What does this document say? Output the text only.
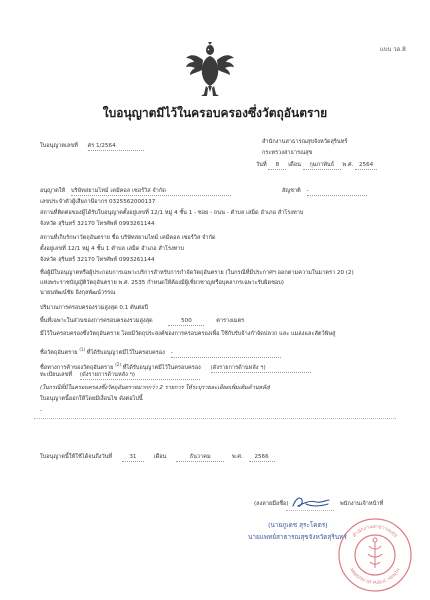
แบบ วอ.8
ใบอนุญาตมีไว้ในครอบครองซึ่งวัตถุอันตราย
ใบอนุญาตเลขที่ ศร 1/2564
สำนักงานสาธารณสุขจังหวัดสุรินทร์
กระทรวงสาธารณสุข
วันที่ 8 เดือน กุมภาพันธ์ พ.ศ. 2564
อนุญาตให้ บริษัทสยามไทม์ เคมีคอล เซอร์วิส จำกัด	สัญชาติ -
เลขประจำตัวผู้เสียภาษีอากร 0325562000137
สถานที่ติดต่อของผู้ได้รับใบอนุญาตตั้งอยู่เลขที่ 12/1 หมู่ 4 ชั้น 1 - ซอย - ถนน - ตำบล เสม็ด อำเภอ สำโรงทาบ
จังหวัด สุรินทร์ 32170 โทรศัพท์ 0993261144
สถานที่เก็บรักษาวัตถุอันตราย ชื่อ บริษัทสยามไทม์ เคมีคอล เซอร์วิส จำกัด
ตั้งอยู่เลขที่ 12/1 หมู่ 4 ชั้น 1 ตำบล เสม็ด อำเภอ สำโรงทาบ
จังหวัด สุรินทร์ 32170 โทรศัพท์ 0993261144
ชื่อผู้มีใบอนุญาตหรือผู้ประกอบการเฉพาะบริการสำหรับการกำจัดวัตถุอันตราย (ในกรณีที่มีประกาศฯ ออกตามความในมาตรา 20 (2)
แห่งพระราชบัญญัติวัตถุอันตราย พ.ศ. 2535 กำหนดให้ต้องมีผู้เชี่ยวชาญหรือบุคลากรเฉพาะรับผิดชอบ)
นายนพัฒน์ชัย อิงกุลพัฒน์วรรณ
ปริมาณการครอบครองรวมสูงสุด 0.1 ตันต่อปี
พื้นที่เฉพาะในส่วนของการครอบครองรวมสูงสุด	500	ตารางเมตร
มีไว้ในครอบครองซึ่งวัตถุอันตราย โดยมีวัตถุประสงค์ของการครอบครองเพื่อ ใช้กับรับจ้างกำจัดปลวก และ แมลงและสัตว์พิษสู่
ชื่อวัตถุอันตราย $^{(1)}$ ที่ได้รับอนุญาตมีไว้ในครอบครอง -
ชื่อทางการค้าของวัตถุอันตราย $^{(2)}$ ที่ได้รับอนุญาตมีไว้ในครอบครอง (ดังรายการด้านหลัง ฯ)
ทะเบียนเลขที่ (ดังรายการด้านหลัง ฯ)
(ในกรณีที่มีในครอบครองซึ่งวัตถุอันตรายมากกว่า 2 รายการ ให้ระบุรายละเอียดเพิ่มเติมด้านหลัง)
ใบอนุญาตนี้ออกให้โดยมีเงื่อนไข ดังต่อไปนี้
-
ใบอนุญาตนี้ให้ใช้ได้จนถึงวันที่	31	เดือน	ธันวาคม	พ.ศ. 2566
(ลงลายมือชื่อ)	พนักงานเจ้าหน้าที่
(นายภูเดช สุระโคตร)
นายแพทย์สาธารณสุขจังหวัดสุรินทร์ สำนักงานสาธารณสุข
MINISTRY OF PUBLIC HEALTH
